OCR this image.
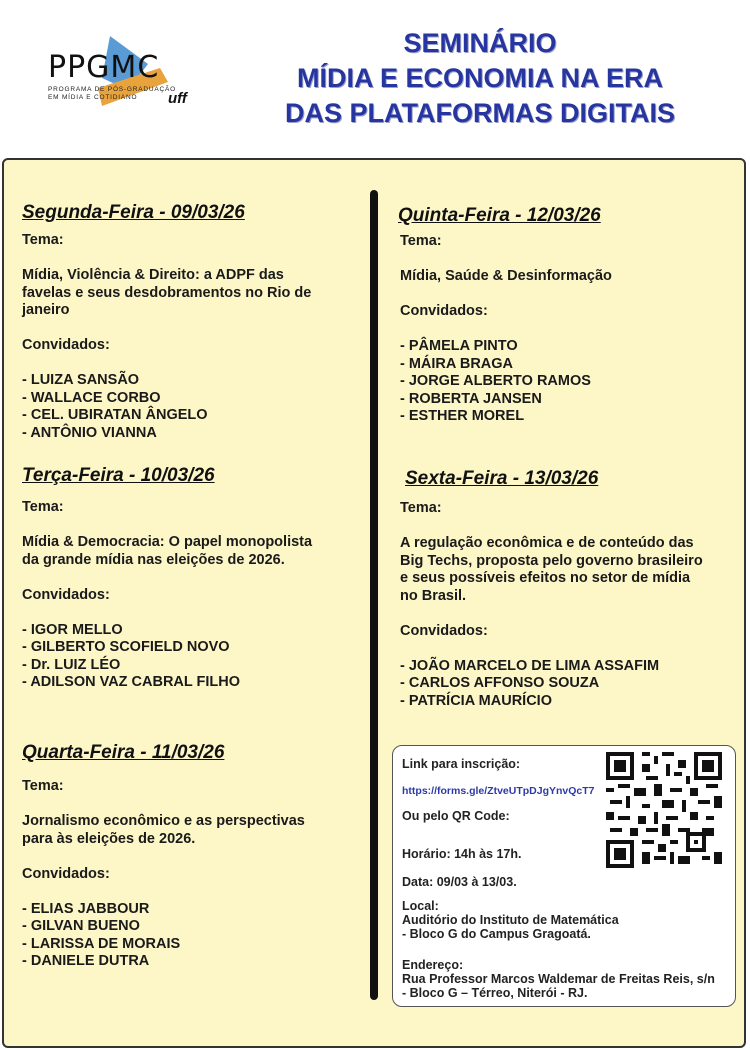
PPGMC
PROGRAMA DE PÓS-GRADUAÇÃO
EM MÍDIA E COTIDIANO	uff
SEMINÁRIO
MÍDIA E ECONOMIA NA ERA
DAS PLATAFORMAS DIGITAIS
Segunda-Feira - 09/03/26

Tema:

Mídia, Violência & Direito: a ADPF das

favelas e seus desdobramentos no Rio de

janeiro

Convidados:

- LUIZA SANSÃO

- WALLACE CORBO

- CEL. UBIRATAN ÂNGELO

- ANTÔNIO VIANNA

Terça-Feira - 10/03/26

Tema:

Mídia & Democracia: O papel monopolista

da grande mídia nas eleições de 2026.

Convidados:

- IGOR MELLO

- GILBERTO SCOFIELD NOVO

- Dr. LUIZ LÉO

- ADILSON VAZ CABRAL FILHO

Quarta-Feira - 11/03/26

Tema:

Jornalismo econômico e as perspectivas

para às eleições de 2026.

Convidados:

- ELIAS JABBOUR

- GILVAN BUENO

- LARISSA DE MORAIS

- DANIELE DUTRA

Quinta-Feira - 12/03/26

Tema:

Mídia, Saúde & Desinformação

Convidados:

- PÂMELA PINTO

- MÁIRA BRAGA

- JORGE ALBERTO RAMOS

- ROBERTA JANSEN

- ESTHER MOREL

Sexta-Feira - 13/03/26

Tema:

A regulação econômica e de conteúdo das

Big Techs, proposta pelo governo brasileiro

e seus possíveis efeitos no setor de mídia

no Brasil.

Convidados:

- JOÃO MARCELO DE LIMA ASSAFIM

- CARLOS AFFONSO SOUZA

- PATRÍCIA MAURÍCIO

Link para inscrição:
https://forms.gle/ZtveUTpDJgYnvQcT7
Ou pelo QR Code:
Horário: 14h às 17h.
Data: 09/03 à 13/03.
Local:
Auditório do Instituto de Matemática
- Bloco G do Campus Gragoatá.
Endereço:
Rua Professor Marcos Waldemar de Freitas Reis, s/n
- Bloco G – Térreo, Niterói - RJ.
